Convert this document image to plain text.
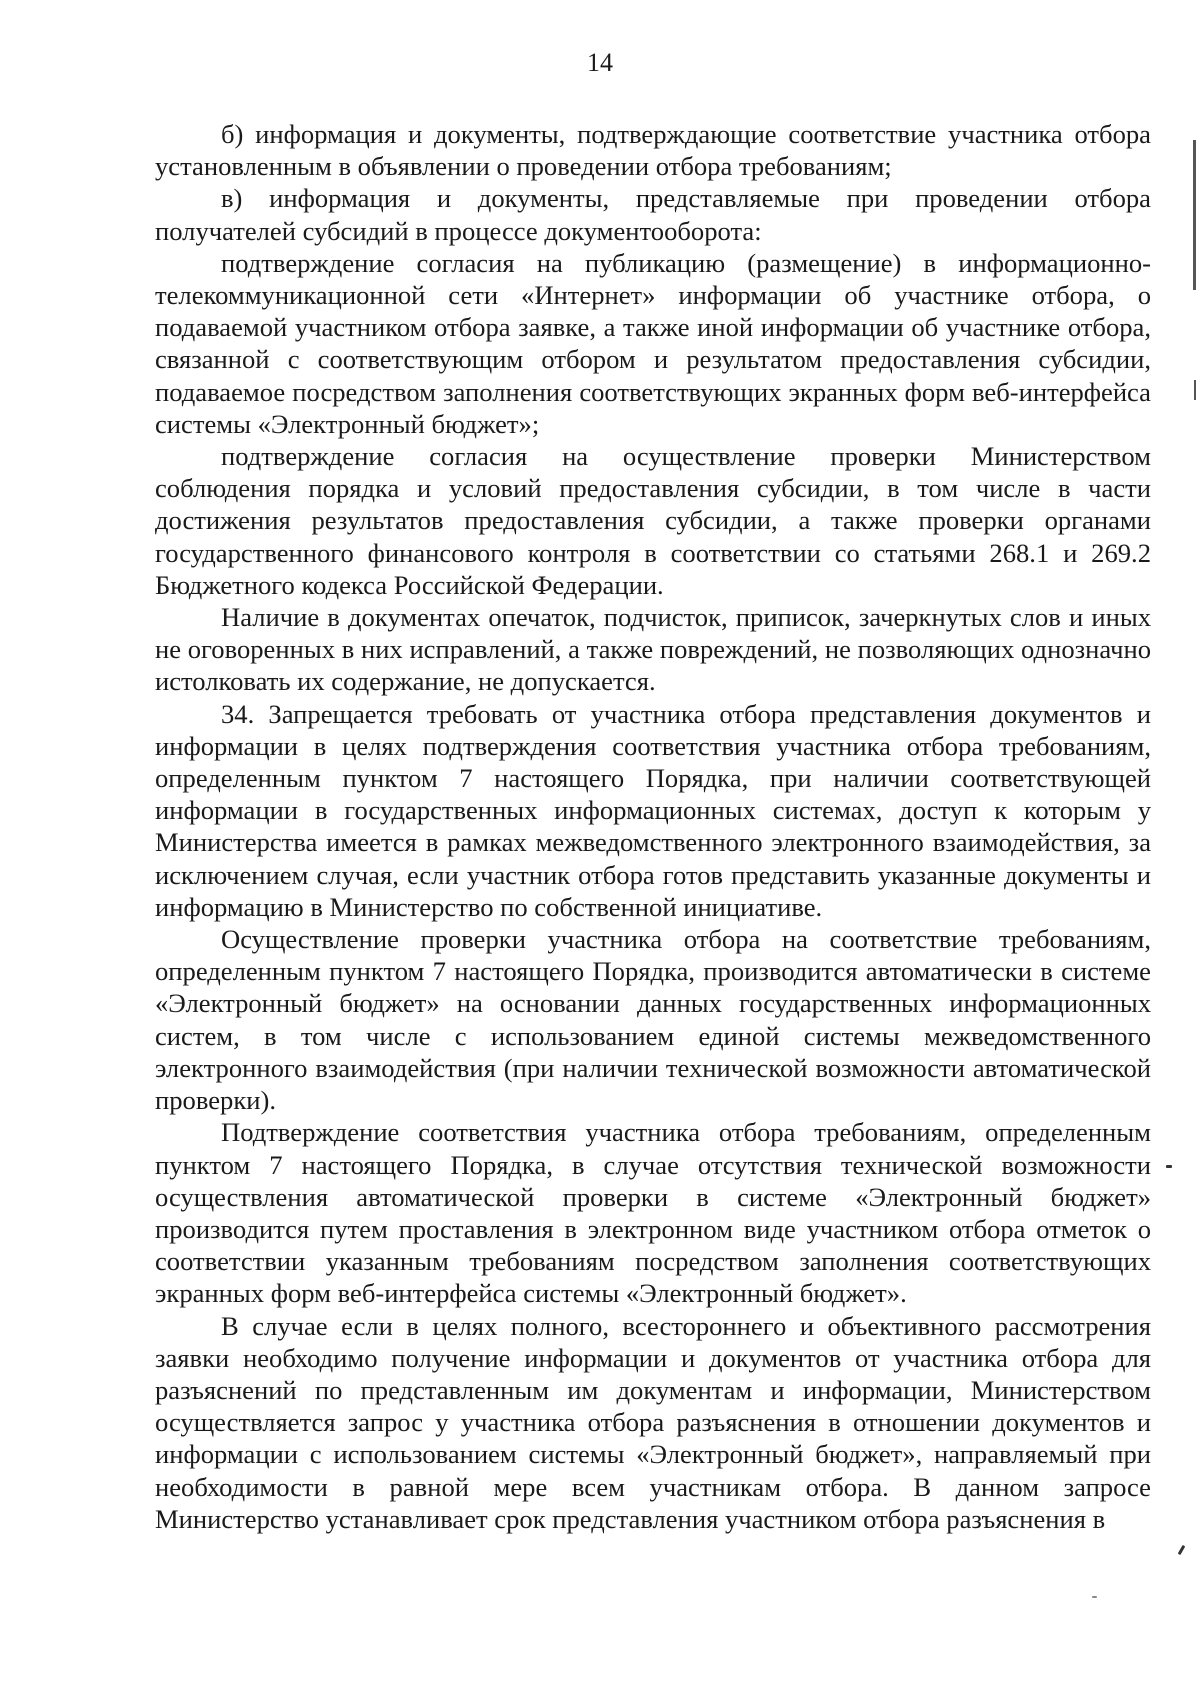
14

б) информация и документы, подтверждающие соответствие участника отбора установленным в объявлении о проведении отбора требованиям;

в) информация и документы, представляемые при проведении отбора получателей субсидий в процессе документооборота:

подтверждение согласия на публикацию (размещение) в информационно-телекоммуникационной сети «Интернет» информации об участнике отбора, о подаваемой участником отбора заявке, а также иной информации об участнике отбора, связанной с соответствующим отбором и результатом предоставления субсидии, подаваемое посредством заполнения соответствующих экранных форм веб-интерфейса системы «Электронный бюджет»;

подтверждение согласия на осуществление проверки Министерством соблюдения порядка и условий предоставления субсидии, в том числе в части достижения результатов предоставления субсидии, а также проверки органами государственного финансового контроля в соответствии со статьями 268.1 и 269.2 Бюджетного кодекса Российской Федерации.

Наличие в документах опечаток, подчисток, приписок, зачеркнутых слов и иных не оговоренных в них исправлений, а также повреждений, не позволяющих однозначно истолковать их содержание, не допускается.

34. Запрещается требовать от участника отбора представления документов и информации в целях подтверждения соответствия участника отбора требованиям, определенным пунктом 7 настоящего Порядка, при наличии соответствующей информации в государственных информационных системах, доступ к которым у Министерства имеется в рамках межведомственного электронного взаимодействия, за исключением случая, если участник отбора готов представить указанные документы и информацию в Министерство по собственной инициативе.

Осуществление проверки участника отбора на соответствие требованиям, определенным пунктом 7 настоящего Порядка, производится автоматически в системе «Электронный бюджет» на основании данных государственных информационных систем, в том числе с использованием единой системы межведомственного электронного взаимодействия (при наличии технической возможности автоматической проверки).

Подтверждение соответствия участника отбора требованиям, определенным пунктом 7 настоящего Порядка, в случае отсутствия технической возможности осуществления автоматической проверки в системе «Электронный бюджет» производится путем проставления в электронном виде участником отбора отметок о соответствии указанным требованиям посредством заполнения соответствующих экранных форм веб-интерфейса системы «Электронный бюджет».

В случае если в целях полного, всестороннего и объективного рассмотрения заявки необходимо получение информации и документов от участника отбора для разъяснений по представленным им документам и информации, Министерством осуществляется запрос у участника отбора разъяснения в отношении документов и информации с использованием системы «Электронный бюджет», направляемый при необходимости в равной мере всем участникам отбора. В данном запросе Министерство устанавливает срок представления участником отбора разъяснения в
